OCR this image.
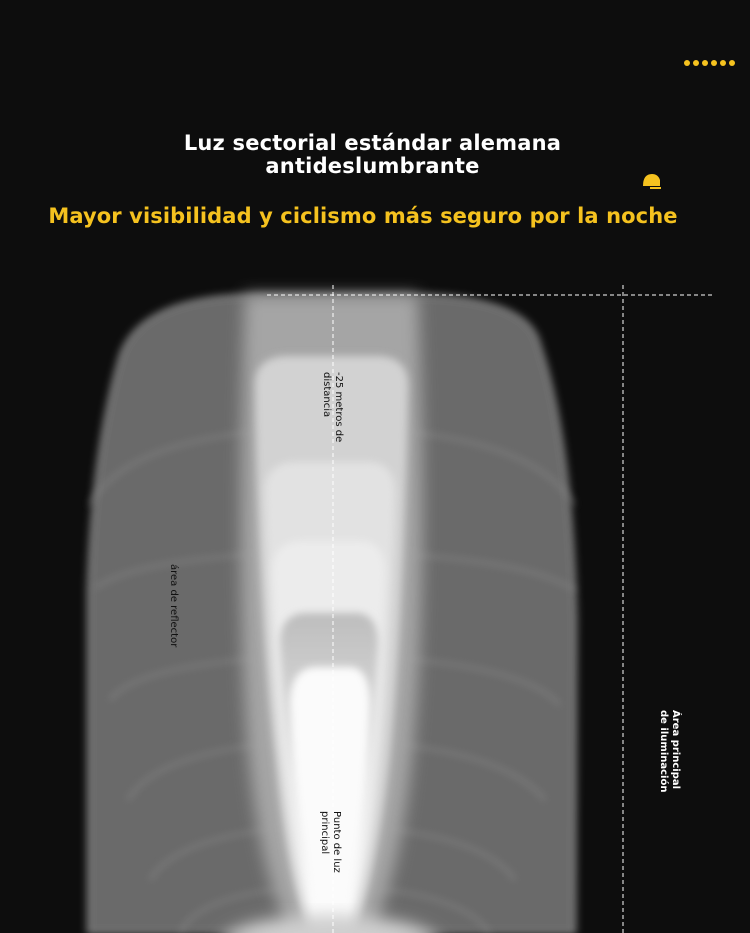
Luz sectorial estándar alemana
antideslumbrante
Mayor visibilidad y ciclismo más seguro por la noche
-25 metros de
distancia
área de reflector
Punto de luz
principal
Área principal
de iluminación
